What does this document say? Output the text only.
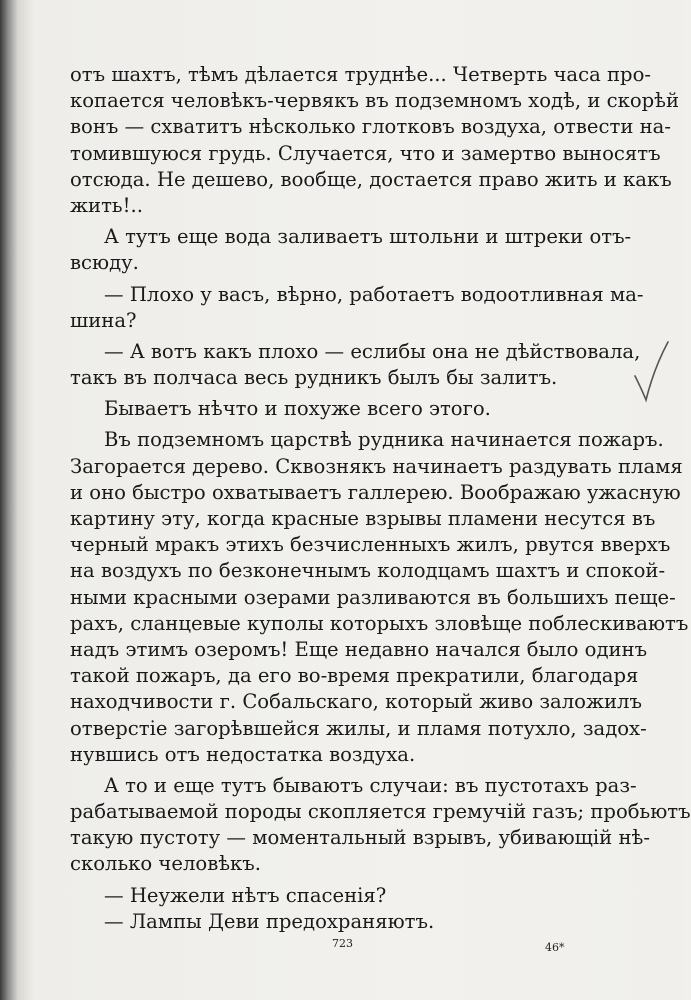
отъ шахтъ, тѣмъ дѣлается труднѣе... Четверть часа про-
копается человѣкъ-червякъ въ подземномъ ходѣ, и скорѣй
вонъ — схватитъ нѣсколько глотковъ воздуха, отвести на-
томившуюся грудь. Случается, что и замертво выносятъ
отсюда. Не дешево, вообще, достается право жить и какъ
жить!..
А тутъ еще вода заливаетъ штольни и штреки отъ-
всюду.
— Плохо у васъ, вѣрно, работаетъ водоотливная ма-
шина?
— А вотъ какъ плохо — еслибы она не дѣйствовала,
такъ въ полчаса весь рудникъ былъ бы залитъ.
Бываетъ нѣчто и похуже всего этого.
Въ подземномъ царствѣ рудника начинается пожаръ.
Загорается дерево. Сквознякъ начинаетъ раздувать пламя
и оно быстро охватываетъ галлерею. Воображаю ужасную
картину эту, когда красные взрывы пламени несутся въ
черный мракъ этихъ безчисленныхъ жилъ, рвутся вверхъ
на воздухъ по безконечнымъ колодцамъ шахтъ и спокой-
ными красными озерами разливаются въ большихъ пеще-
рахъ, сланцевые куполы которыхъ зловѣще поблескиваютъ
надъ этимъ озеромъ! Еще недавно начался было одинъ
такой пожаръ, да его во-время прекратили, благодаря
находчивости г. Собальскаго, который живо заложилъ
отверстіе загорѣвшейся жилы, и пламя потухло, задох-
нувшись отъ недостатка воздуха.
А то и еще тутъ бываютъ случаи: въ пустотахъ раз-
рабатываемой породы скопляется гремучій газъ; пробьютъ
такую пустоту — моментальный взрывъ, убивающій нѣ-
сколько человѣкъ.
— Неужели нѣтъ спасенія?
— Лампы Деви предохраняютъ.
723	46*
